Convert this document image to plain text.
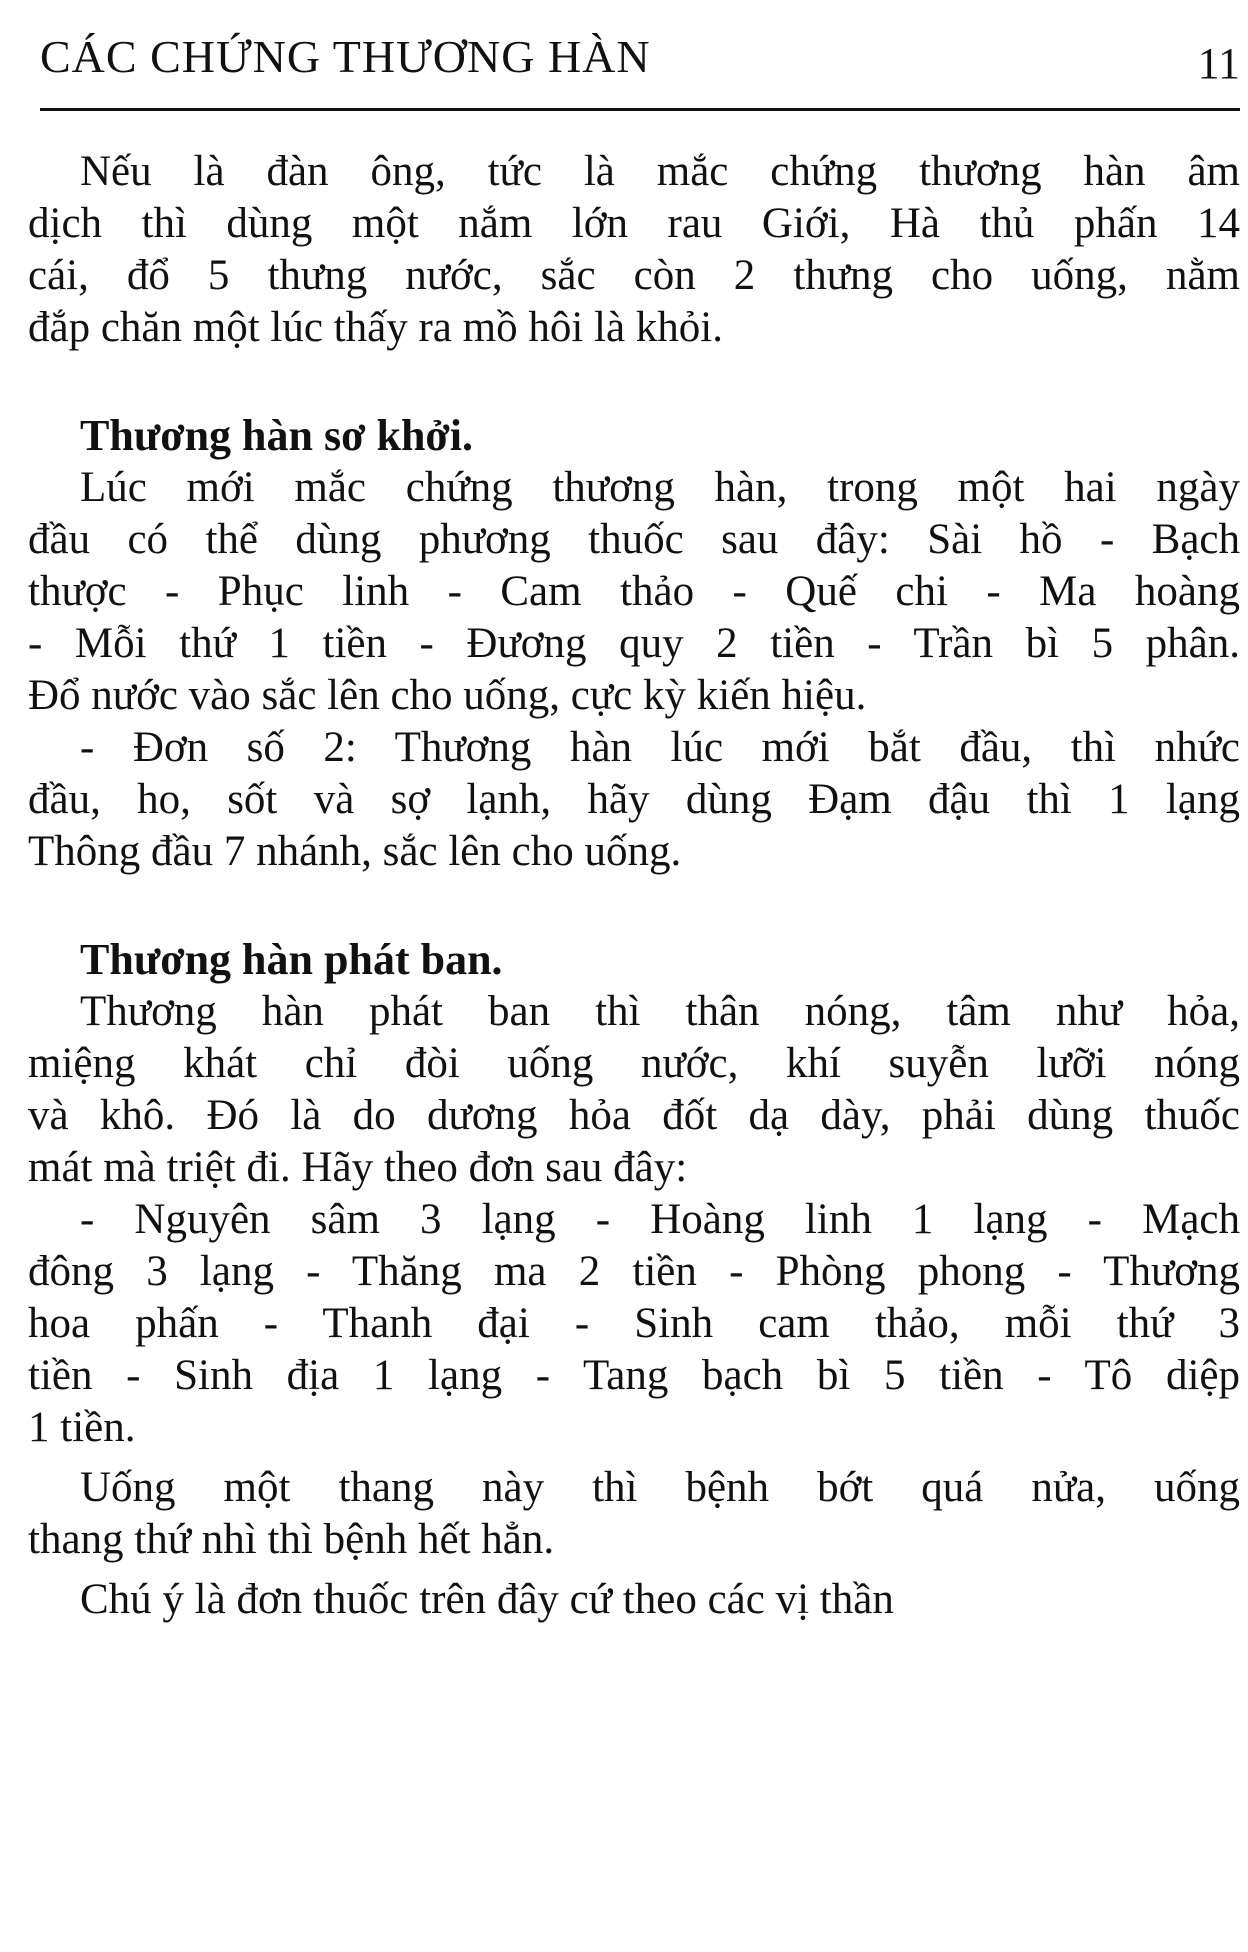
CÁC CHỨNG THƯƠNG HÀN	11
Nếu là đàn ông, tức là mắc chứng thương hàn âm
dịch thì dùng một nắm lớn rau Giới, Hà thủ phấn 14
cái, đổ 5 thưng nước, sắc còn 2 thưng cho uống, nằm
đắp chăn một lúc thấy ra mồ hôi là khỏi.
Thương hàn sơ khởi.
Lúc mới mắc chứng thương hàn, trong một hai ngày
đầu có thể dùng phương thuốc sau đây: Sài hồ - Bạch
thược - Phục linh - Cam thảo - Quế chi - Ma hoàng
- Mỗi thứ 1 tiền - Đương quy 2 tiền - Trần bì 5 phân.
Đổ nước vào sắc lên cho uống, cực kỳ kiến hiệu.
- Đơn số 2: Thương hàn lúc mới bắt đầu, thì nhức
đầu, ho, sốt và sợ lạnh, hãy dùng Đạm đậu thì 1 lạng
Thông đầu 7 nhánh, sắc lên cho uống.
Thương hàn phát ban.
Thương hàn phát ban thì thân nóng, tâm như hỏa,
miệng khát chỉ đòi uống nước, khí suyễn lưỡi nóng
và khô. Đó là do dương hỏa đốt dạ dày, phải dùng thuốc
mát mà triệt đi. Hãy theo đơn sau đây:
- Nguyên sâm 3 lạng - Hoàng linh 1 lạng - Mạch
đông 3 lạng - Thăng ma 2 tiền - Phòng phong - Thương
hoa phấn - Thanh đại - Sinh cam thảo, mỗi thứ 3
tiền - Sinh địa 1 lạng - Tang bạch bì 5 tiền - Tô diệp
1 tiền.
Uống một thang này thì bệnh bớt quá nửa, uống
thang thứ nhì thì bệnh hết hẳn.
Chú ý là đơn thuốc trên đây cứ theo các vị thần
